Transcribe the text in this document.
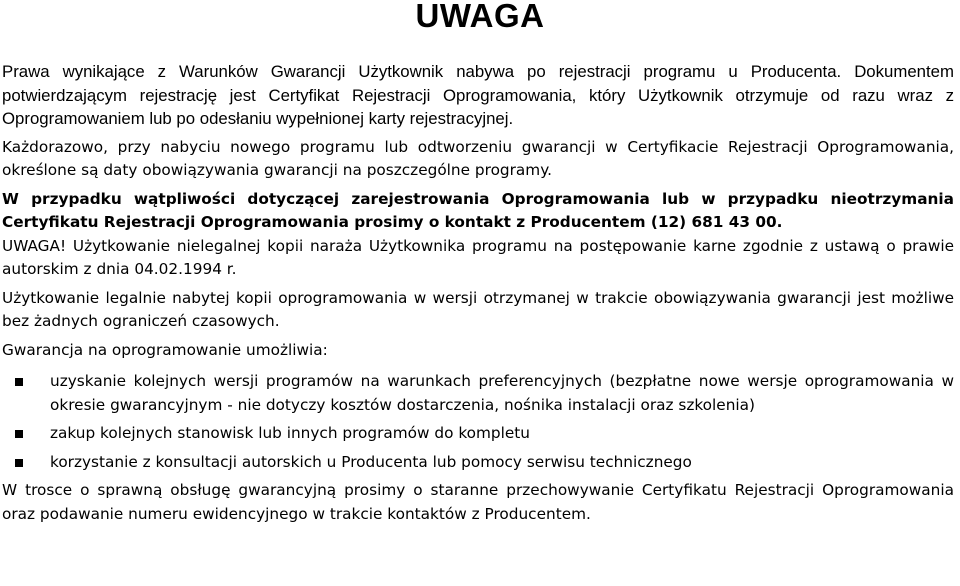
UWAGA

Prawa wynikające z Warunków Gwarancji Użytkownik nabywa po rejestracji programu u Producenta. Dokumentem potwierdzającym rejestrację jest Certyfikat Rejestracji Oprogramowania, który Użytkownik otrzymuje od razu wraz z Oprogramowaniem lub po odesłaniu wypełnionej karty rejestracyjnej.

Każdorazowo, przy nabyciu nowego programu lub odtworzeniu gwarancji w Certyfikacie Rejestracji Oprogramowania, określone są daty obowiązywania gwarancji na poszczególne programy.

W przypadku wątpliwości dotyczącej zarejestrowania Oprogramowania lub w przypadku nieotrzymania Certyfikatu Rejestracji Oprogramowania prosimy o kontakt z Producentem (12) 681 43 00.

UWAGA! Użytkowanie nielegalnej kopii naraża Użytkownika programu na postępowanie karne zgodnie z ustawą o prawie autorskim z dnia 04.02.1994 r.

Użytkowanie legalnie nabytej kopii oprogramowania w wersji otrzymanej w trakcie obowiązywania gwarancji jest możliwe bez żadnych ograniczeń czasowych.

Gwarancja na oprogramowanie umożliwia:

uzyskanie kolejnych wersji programów na warunkach preferencyjnych (bezpłatne nowe wersje oprogramowania w okresie gwarancyjnym - nie dotyczy kosztów dostarczenia, nośnika instalacji oraz szkolenia)
zakup kolejnych stanowisk lub innych programów do kompletu
korzystanie z konsultacji autorskich u Producenta lub pomocy serwisu technicznego

W trosce o sprawną obsługę gwarancyjną prosimy o staranne przechowywanie Certyfikatu Rejestracji Oprogramowania oraz podawanie numeru ewidencyjnego w trakcie kontaktów z Producentem.
